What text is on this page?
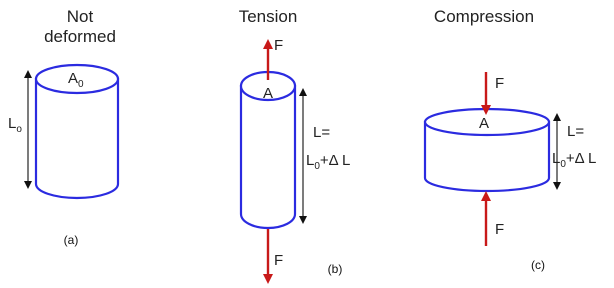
Not
deformed
$A_0$
$L_o$
(a)
Tension
A
F
F
L=
$L_0+\Delta$ L
(b)
Compression
A
F
F
L=
$L_0+\Delta$ L
(c)
